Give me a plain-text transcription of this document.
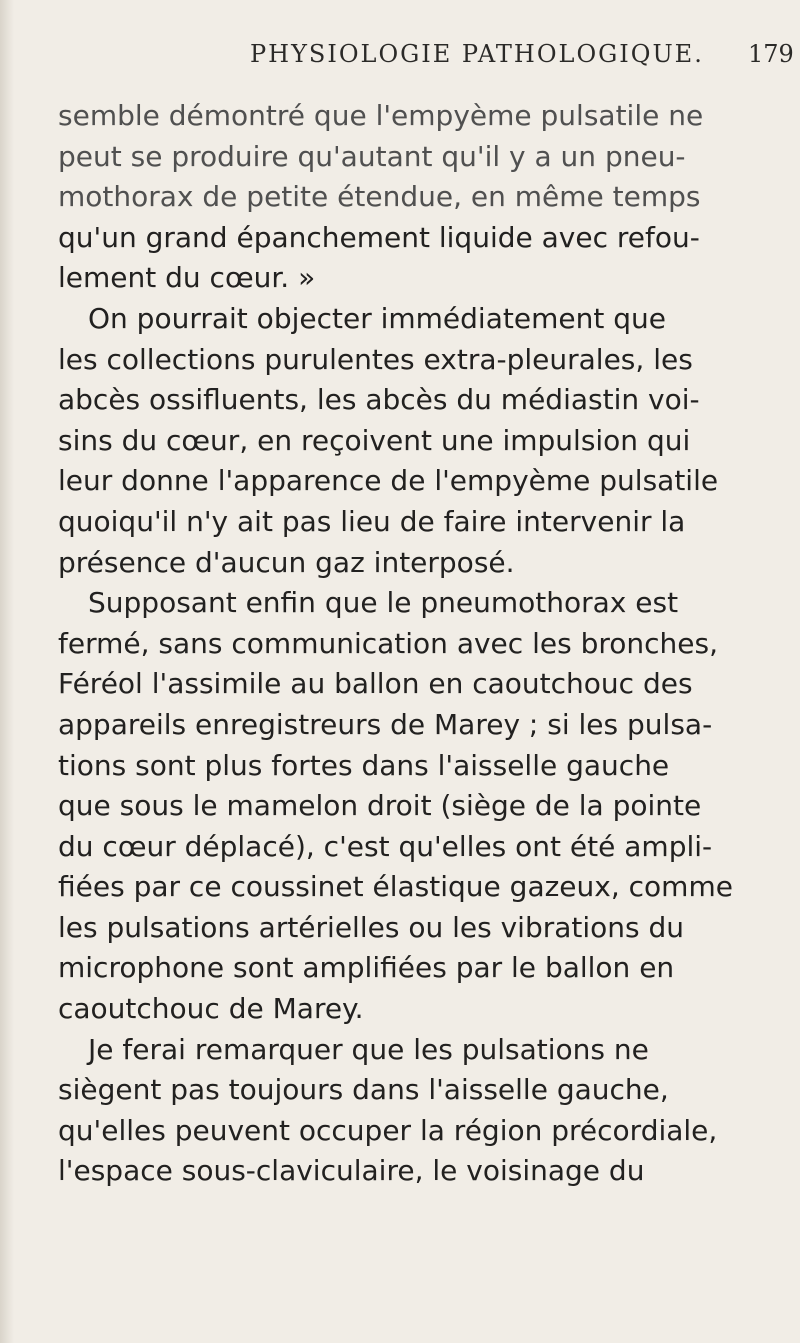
PHYSIOLOGIE PATHOLOGIQUE. 179
semble démontré que l'empyème pulsatile ne
peut se produire qu'autant qu'il y a un pneu-
mothorax de petite étendue, en même temps
qu'un grand épanchement liquide avec refou-
lement du cœur. »
On pourrait objecter immédiatement que
les collections purulentes extra-pleurales, les
abcès ossifluents, les abcès du médiastin voi-
sins du cœur, en reçoivent une impulsion qui
leur donne l'apparence de l'empyème pulsatile
quoiqu'il n'y ait pas lieu de faire intervenir la
présence d'aucun gaz interposé.
Supposant enfin que le pneumothorax est
fermé, sans communication avec les bronches,
Féréol l'assimile au ballon en caoutchouc des
appareils enregistreurs de Marey ; si les pulsa-
tions sont plus fortes dans l'aisselle gauche
que sous le mamelon droit (siège de la pointe
du cœur déplacé), c'est qu'elles ont été ampli-
fiées par ce coussinet élastique gazeux, comme
les pulsations artérielles ou les vibrations du
microphone sont amplifiées par le ballon en
caoutchouc de Marey.
Je ferai remarquer que les pulsations ne
siègent pas toujours dans l'aisselle gauche,
qu'elles peuvent occuper la région précordiale,
l'espace sous-claviculaire, le voisinage du
